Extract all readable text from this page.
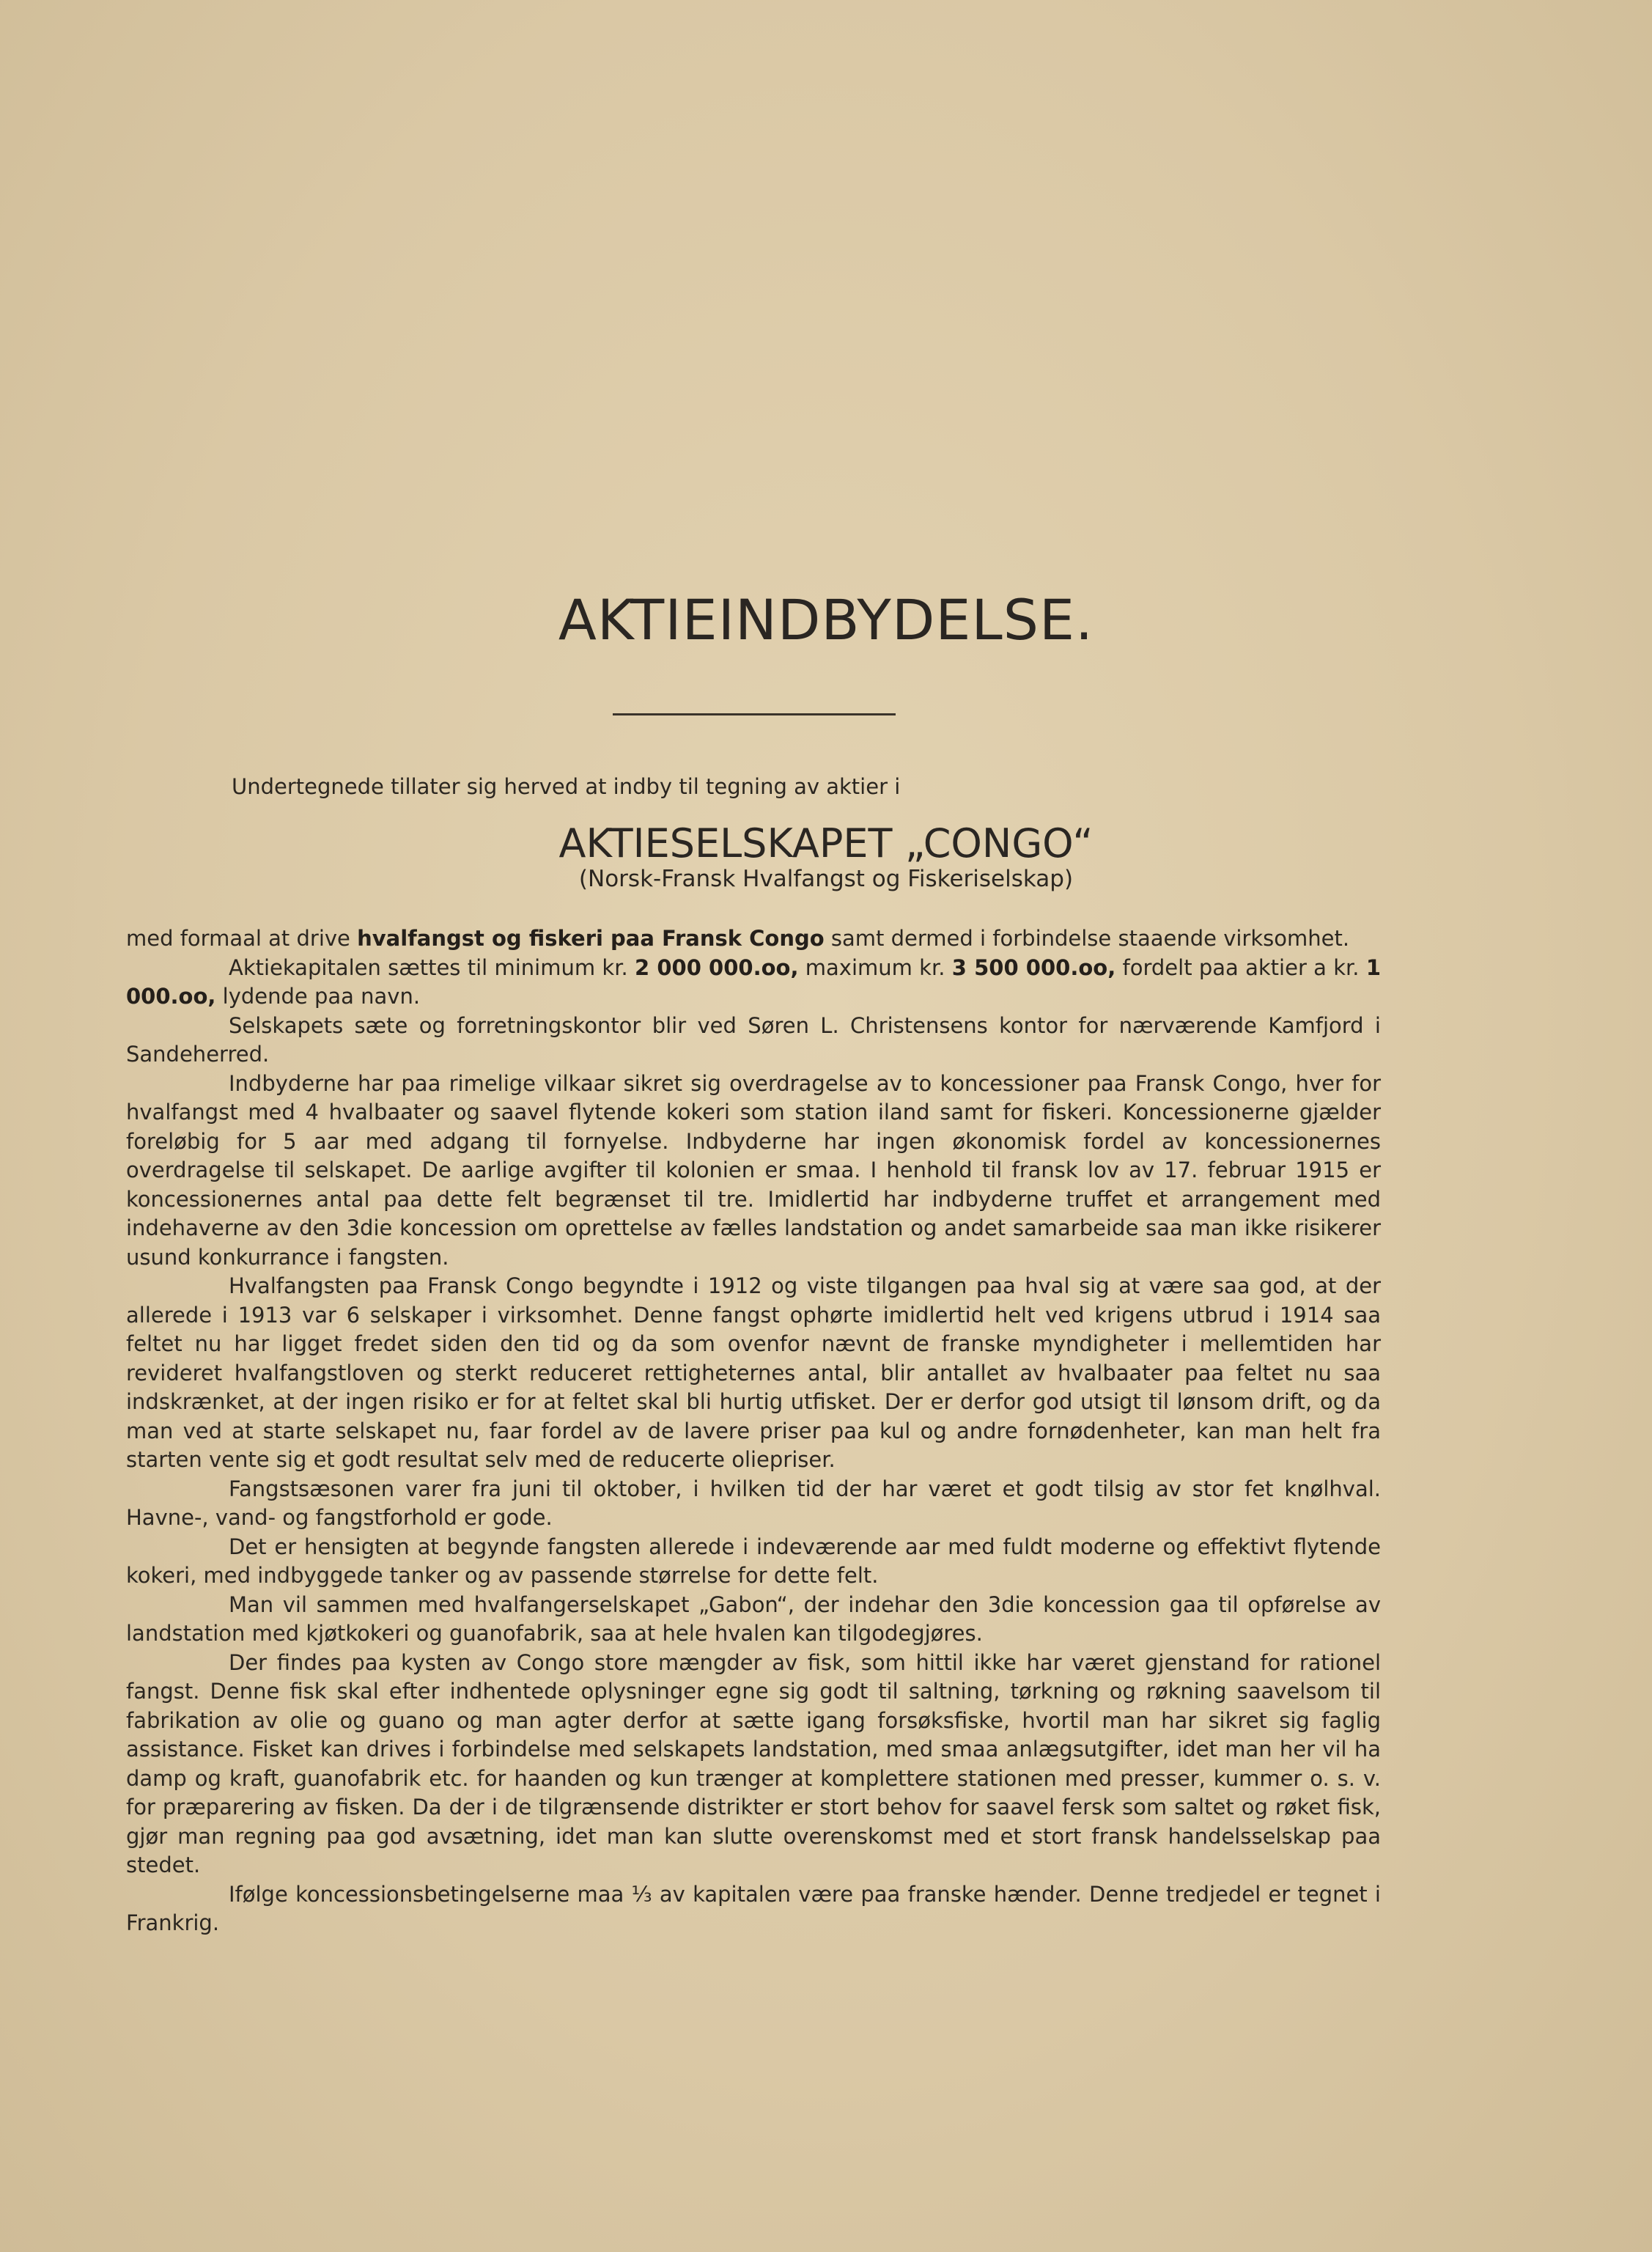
AKTIEINDBYDELSE.
Undertegnede tillater sig herved at indby til tegning av aktier i
AKTIESELSKAPET „CONGO“
(Norsk-Fransk Hvalfangst og Fiskeriselskap)

med formaal at drive hvalfangst og fiskeri paa Fransk Congo samt dermed i forbindelse staaende virksomhet.

Aktiekapitalen sættes til minimum kr. 2 000 000.oo, maximum kr. 3 500 000.oo, fordelt paa aktier a kr. 1 000.oo, lydende paa navn.

Selskapets sæte og forretningskontor blir ved Søren L. Christensens kontor for nærværende Kamfjord i Sandeherred.

Indbyderne har paa rimelige vilkaar sikret sig overdragelse av to koncessioner paa Fransk Congo, hver for hvalfangst med 4 hvalbaater og saavel flytende kokeri som station iland samt for fiskeri. Koncessionerne gjælder foreløbig for 5 aar med adgang til fornyelse. Indbyderne har ingen økonomisk fordel av koncessionernes overdragelse til selskapet. De aarlige avgifter til kolonien er smaa. I henhold til fransk lov av 17. februar 1915 er koncessionernes antal paa dette felt begrænset til tre. Imidlertid har indbyderne truffet et arrangement med indehaverne av den 3die koncession om oprettelse av fælles landstation og andet samarbeide saa man ikke risikerer usund konkurrance i fangsten.

Hvalfangsten paa Fransk Congo begyndte i 1912 og viste tilgangen paa hval sig at være saa god, at der allerede i 1913 var 6 selskaper i virksomhet. Denne fangst ophørte imidlertid helt ved krigens utbrud i 1914 saa feltet nu har ligget fredet siden den tid og da som ovenfor nævnt de franske myndigheter i mellemtiden har revideret hvalfangstloven og sterkt reduceret rettigheternes antal, blir antallet av hvalbaater paa feltet nu saa indskrænket, at der ingen risiko er for at feltet skal bli hurtig utfisket. Der er derfor god utsigt til lønsom drift, og da man ved at starte selskapet nu, faar fordel av de lavere priser paa kul og andre fornødenheter, kan man helt fra starten vente sig et godt resultat selv med de reducerte oliepriser.

Fangstsæsonen varer fra juni til oktober, i hvilken tid der har været et godt tilsig av stor fet knølhval. Havne-, vand- og fangstforhold er gode.

Det er hensigten at begynde fangsten allerede i indeværende aar med fuldt moderne og effektivt flytende kokeri, med indbyggede tanker og av passende størrelse for dette felt.

Man vil sammen med hvalfangerselskapet „Gabon“, der indehar den 3die koncession gaa til opførelse av landstation med kjøtkokeri og guanofabrik, saa at hele hvalen kan tilgodegjøres.

Der findes paa kysten av Congo store mængder av fisk, som hittil ikke har været gjenstand for rationel fangst. Denne fisk skal efter indhentede oplysninger egne sig godt til saltning, tørkning og røkning saavelsom til fabrikation av olie og guano og man agter derfor at sætte igang forsøksfiske, hvortil man har sikret sig faglig assistance. Fisket kan drives i forbindelse med selskapets landstation, med smaa anlægsutgifter, idet man her vil ha damp og kraft, guanofabrik etc. for haanden og kun trænger at komplettere stationen med presser, kummer o. s. v. for præparering av fisken. Da der i de tilgrænsende distrikter er stort behov for saavel fersk som saltet og røket fisk, gjør man regning paa god avsætning, idet man kan slutte overenskomst med et stort fransk handelsselskap paa stedet.

Ifølge koncessionsbetingelserne maa ⅓ av kapitalen være paa franske hænder. Denne tredjedel er tegnet i Frankrig.
